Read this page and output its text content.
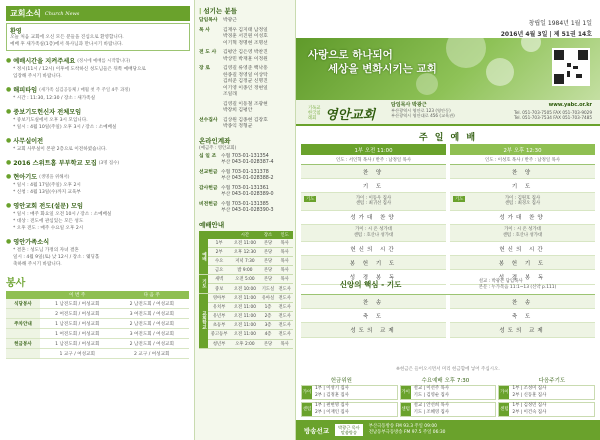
교회소식 Church News
환영
오늘 처음 교회에 오신 모든 분들을 진심으로 환영합니다.
예배 후 새가족실(1층)에서 목사님과 만나시기 바랍니다.
● 예배시간을 지켜주세요 (정시에 예배를 시작합니다)
* 정시(11시 / 12시) 이후에 도착하신 성도님들은 뒤쪽 예배당으로
입장해 주시기 바랍니다.
● 해피타임 (새가족 섬김공동체 / 매월 첫 주 주일 4주 과정)
* 시간 : 11:30, 12:30 / 장소 : 새가족실
● 중보기도헌신자 전체모임
* 중보기도실에서 오후 3시 모입니다.
* 일시 : 4월 10일(주일) 오후 3시 / 장소 : 소예배실
● 사무실이전
* 교회 사무실이 본관 2층으로 이전하였습니다.
● 2016 스위트홈 부부학교 모집 (3명 접수)
● 현아기도 (생명을 위해서)
* 일시 : 4월 17일(주일) 오후 2시
* 신청 : 4월 13일(수)까지 교육부
● 영안교회 전도(설문) 모임
* 일시 : 매주 화요일 오전 10시 / 장소 : 소예배실
* 대상 : 전도에 관심있는 모든 성도
* 오후 전도 : 매주 수요일 오후 2시
● 영안가족소식
* 결혼 : 성도님 가정의 자녀 결혼
일시 : 4월 9일(토) 낮 12시 / 장소 : 웨딩홀
축하해 주시기 바랍니다.
봉사
	이 번 주	다 음 주
식당봉사	1 남전도회 / 여성교회	2 남전도회 / 여성교회
	2 여전도회 / 여성교회	3 여전도회 / 여성교회
주차안내	1 남전도회 / 여성교회	2 남전도회 / 여성교회
	1 여전도회 / 여성교회	3 여전도회 / 여성교회
헌금봉사	1 남전도회 / 여성교회	2 남전도회 / 여성교회
	1 교구 / 여성교회	2 교구 / 여성교회
| 섬기는 분들
담임목사	박광근
목 사	김재우 김지태 남정일
박경훈 서진원 이성호
이기혁 정명현 조명선
전 도 사	김평안 김은영 박찬진
박상민 박재훈 이정원
장 로	김영길 류영준 백낙흥
한종길 정영일 이상탁
김희준 김정균 신명진
이기영 이종인 정현일
조일래
김영길 이동철 조광현
박장희 김평안
선수집사	김상원 김종현 김장호
박종익 정형균
온라인계좌
(예금주 : 영안교회)
십 일 조 수협 703-01-131354
부산 043-01-028387-4
선교헌금 수협 703-01-131378
부산 043-01-028388-2
감사헌금 수협 703-01-131361
부산 043-01-028389-0
비전헌금 수협 703-01-131385
부산 043-01-028390-3
예배안내
		시간	장소	인도
예배	1부	오전 11:00	본당	목사
	2부	오후 12:30	본당	목사
	수요	저녁 7:30	본당	목사
	금요	밤 9:00	본당	목사
기도	새벽	오전 5:00	본당	목사
	중보	오전 10:00	기도실	전도사
교회학교	영아부	오전 11:00	유아실	전도사
	유치부	오전 11:00	1층	전도사
	유년부	오전 11:00	2층	전도사
	초등부	오전 11:00	3층	전도사
	중고등부	오전 11:00	4층	전도사
	청년부	오후 2:00	본당	목사
창립일 1984년 1월 1일
2016년 4월 3일 | 제 51권 14호
사랑으로 하나되어
세상을 변화시키는 교회
기독교 한국침례회 영안교회
담임목사 박광근
부산광역시 영안로 123 (영안동)
부산광역시 영안대로 456 (교육관)
www.yabc.or.kr
Tel. 051-703-7505 FAX 051-703-9029
Tel. 051-703-7534 FAX 051-703-7485
주 일 예 배
1부 오전 11:00
인도 : 서인혁 목사 / 반주 : 남정일 목사
찬 양
기 도
기도	가이 : 이동우 집사
센텀 : 최귀선 집사
성가대 찬양
가이 : 시 온 성가대
센텀 : 호산나 성가대
헌신의 시간
봉 헌 기 도
성 경 봉 독
2부 오후 12:30
인도 : 이성호 목사 / 반주 : 남정일 목사
찬 양
기 도
기도	가이 : 김원호 집사
센텀 : 최경오 집사
성가대 찬양
가이 : 시 온 성가대
센텀 : 호산나 성가대
헌신의 시간
봉 헌 기 도
성 경 봉 독
신앙의 핵심 - 기도	설교 : 박광근 담임목사
본문 : 누가복음 11:1~13 (신약 p.111)
찬 송
축 도
성도의 교제
찬 송
축 도
성도의 교제
※헌금은 들어오시면서 미리 헌금함에 넣어 주십시오.
헌금위원	수요예배 오후 7:30	다음주기도
가이
1부 | 이성기 집사
2부 | 김정훈 집사	가이
설교 | 이선주 목사
기도 | 김영순 집사	가이
1부 | 조성미 집사
2부 | 신동훈 집사
센텀
1부 | 편현명 집사
2부 | 이재인 집사	센텀
설교 | 안선희 목사
기도 | 조혜영 집사	센텀
1부 | 김정민 집사
2부 | 이건숙 집사
방송선교	박광근 목사
말씀방송
부산극동방송 FM 93.3 주일 09:00
전남동부극동방송 FM 97.5 주일 06:30
